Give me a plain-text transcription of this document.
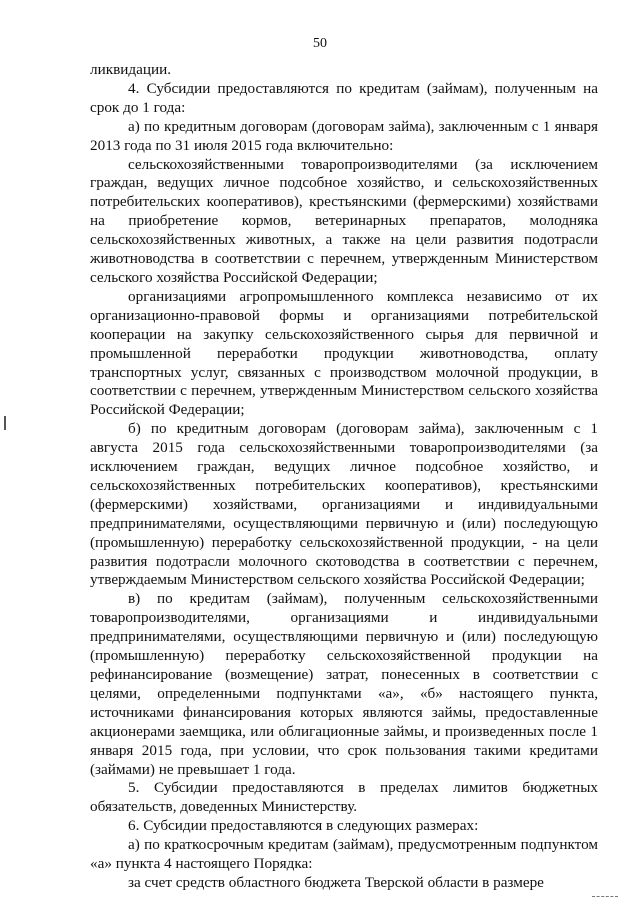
50

ликвидации.

4. Субсидии предоставляются по кредитам (займам), полученным на срок до 1 года:

а) по кредитным договорам (договорам займа), заключенным с 1 января 2013 года по 31 июля 2015 года включительно:

сельскохозяйственными товаропроизводителями (за исключением граждан, ведущих личное подсобное хозяйство, и сельскохозяйственных потребительских кооперативов), крестьянскими (фермерскими) хозяйствами на приобретение кормов, ветеринарных препаратов, молодняка сельскохозяйственных животных, а также на цели развития подотрасли животноводства в соответствии с перечнем, утвержденным Министерством сельского хозяйства Российской Федерации;

организациями агропромышленного комплекса независимо от их организационно-правовой формы и организациями потребительской кооперации на закупку сельскохозяйственного сырья для первичной и промышленной переработки продукции животноводства, оплату транспортных услуг, связанных с производством молочной продукции, в соответствии с перечнем, утвержденным Министерством сельского хозяйства Российской Федерации;

б) по кредитным договорам (договорам займа), заключенным с 1 августа 2015 года сельскохозяйственными товаропроизводителями (за исключением граждан, ведущих личное подсобное хозяйство, и сельскохозяйственных потребительских кооперативов), крестьянскими (фермерскими) хозяйствами, организациями и индивидуальными предпринимателями, осуществляющими первичную и (или) последующую (промышленную) переработку сельскохозяйственной продукции, - на цели развития подотрасли молочного скотоводства в соответствии с перечнем, утверждаемым Министерством сельского хозяйства Российской Федерации;

в) по кредитам (займам), полученным сельскохозяйственными товаропроизводителями, организациями и индивидуальными предпринимателями, осуществляющими первичную и (или) последующую (промышленную) переработку сельскохозяйственной продукции на рефинансирование (возмещение) затрат, понесенных в соответствии с целями, определенными подпунктами «а», «б» настоящего пункта, источниками финансирования которых являются займы, предоставленные акционерами заемщика, или облигационные займы, и произведенных после 1 января 2015 года, при условии, что срок пользования такими кредитами (займами) не превышает 1 года.

5. Субсидии предоставляются в пределах лимитов бюджетных обязательств, доведенных Министерству.

6. Субсидии предоставляются в следующих размерах:

а) по краткосрочным кредитам (займам), предусмотренным подпунктом «а» пункта 4 настоящего Порядка:

за счет средств областного бюджета Тверской области в размере
